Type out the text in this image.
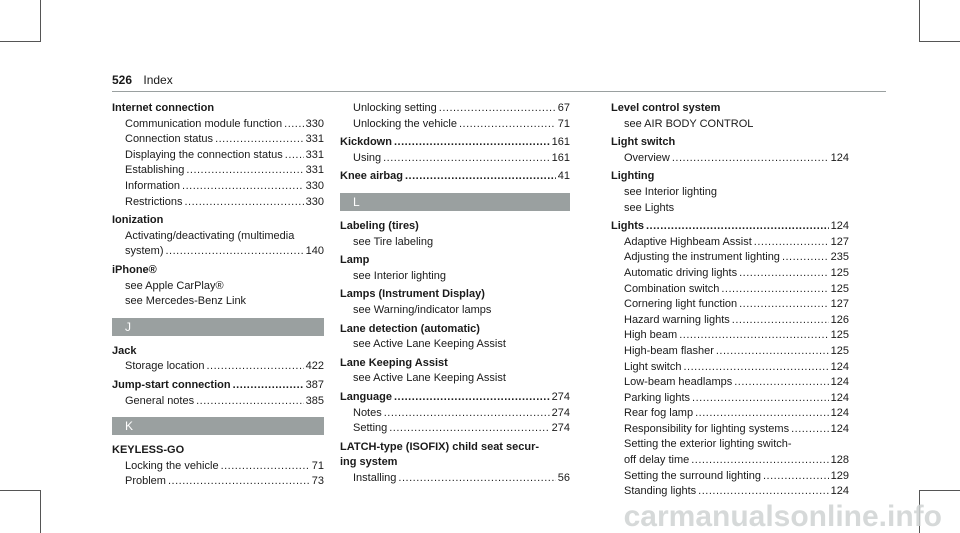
526 Index
Internet connection
Communication module function ..... 330
Connection status .....	331
Displaying the connection status ..... 331
Establishing .....	331
Information .....	330
Restrictions .....	330
Ionization
Activating/deactivating (multimedia
system) .....	140
iPhone®
see Apple CarPlay®
see Mercedes-Benz Link
J
Jack
Storage location .....	422
Jump-start connection .....	387
General notes .....	385
K
KEYLESS-GO
Locking the vehicle .....	71
Problem .....	73
Unlocking setting .....	67
Unlocking the vehicle .....	71
Kickdown .....	161
Using .....	161
Knee airbag .....	41
L
Labeling (tires)
see Tire labeling
Lamp
see Interior lighting
Lamps (Instrument Display)
see Warning/indicator lamps
Lane detection (automatic)
see Active Lane Keeping Assist
Lane Keeping Assist
see Active Lane Keeping Assist
Language .....	274
Notes .....	274
Setting .....	274
LATCH-type (ISOFIX) child seat secur-
ing system
Installing .....	56
Level control system
see AIR BODY CONTROL
Light switch
Overview .....	124
Lighting
see Interior lighting
see Lights
Lights .....	124
Adaptive Highbeam Assist .....	127
Adjusting the instrument lighting .....	235
Automatic driving lights .....	125
Combination switch .....	125
Cornering light function .....	127
Hazard warning lights .....	126
High beam .....	125
High-beam flasher .....	125
Light switch .....	124
Low-beam headlamps .....	124
Parking lights .....	124
Rear fog lamp .....	124
Responsibility for lighting systems .....	124
Setting the exterior lighting switch-
off delay time .....	128
Setting the surround lighting .....	129
Standing lights .....	124
carmanualsonline.info
